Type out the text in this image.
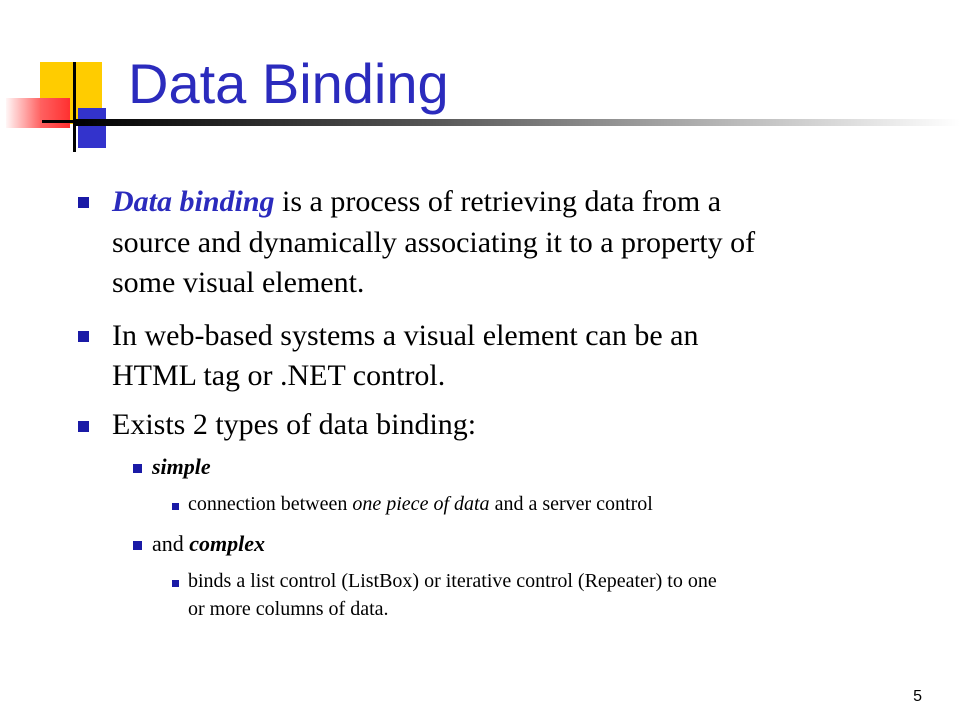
Data Binding
Data binding is a process of retrieving data from a
source and dynamically associating it to a property of
some visual element.
In web-based systems a visual element can be an
HTML tag or .NET control.
Exists 2 types of data binding:
simple
connection between one piece of data and a server control
and complex
binds a list control (ListBox) or iterative control (Repeater) to one
or more columns of data.
5
